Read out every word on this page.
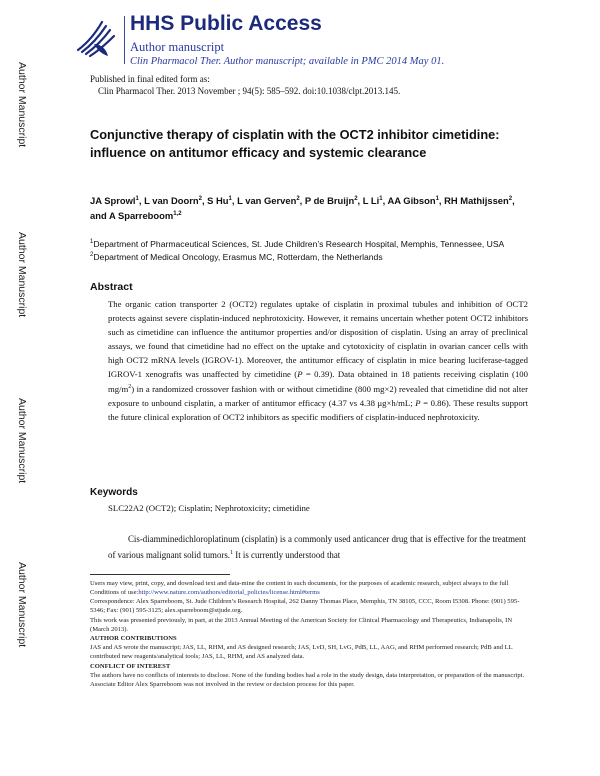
Author Manuscript
Author Manuscript
Author Manuscript
Author Manuscript
HHS Public Access
Author manuscript
Clin Pharmacol Ther. Author manuscript; available in PMC 2014 May 01.
Published in final edited form as:
Clin Pharmacol Ther. 2013 November ; 94(5): 585–592. doi:10.1038/clpt.2013.145.
Conjunctive therapy of cisplatin with the OCT2 inhibitor cimetidine: influence on antitumor efficacy and systemic clearance
JA Sprowl$^1$, L van Doorn$^2$, S Hu$^1$, L van Gerven$^2$, P de Bruijn$^2$, L Li$^1$, AA Gibson$^1$, RH Mathijssen$^2$, and A Sparreboom$^{1,2}$
$^1$Department of Pharmaceutical Sciences, St. Jude Children’s Research Hospital, Memphis, Tennessee, USA $^2$Department of Medical Oncology, Erasmus MC, Rotterdam, the Netherlands
Abstract
The organic cation transporter 2 (OCT2) regulates uptake of cisplatin in proximal tubules and inhibition of OCT2 protects against severe cisplatin-induced nephrotoxicity. However, it remains uncertain whether potent OCT2 inhibitors such as cimetidine can influence the antitumor properties and/or disposition of cisplatin. Using an array of preclinical assays, we found that cimetidine had no effect on the uptake and cytotoxicity of cisplatin in ovarian cancer cells with high OCT2 mRNA levels (IGROV-1). Moreover, the antitumor efficacy of cisplatin in mice bearing luciferase-tagged IGROV-1 xenografts was unaffected by cimetidine (P = 0.39). Data obtained in 18 patients receiving cisplatin (100 $mg/m^2$) in a randomized crossover fashion with or without cimetidine (800 mg×2) revealed that cimetidine did not alter exposure to unbound cisplatin, a marker of antitumor efficacy (4.37 vs 4.38 μg×h/mL; P = 0.86). These results support the future clinical exploration of OCT2 inhibitors as specific modifiers of cisplatin-induced nephrotoxicity.
Keywords
SLC22A2 (OCT2); Cisplatin; Nephrotoxicity; cimetidine
Cis-diamminedichloroplatinum (cisplatin) is a commonly used anticancer drug that is effective for the treatment of various malignant solid tumors.$^1$ It is currently understood that

Users may view, print, copy, and download text and data-mine the content in such documents, for the purposes of academic research, subject always to the full Conditions of use:http://www.nature.com/authors/editorial_policies/license.html#terms

Correspondence: Alex Sparreboom, St. Jude Children’s Research Hospital, 262 Danny Thomas Place, Memphis, TN 38105, CCC, Room I5308. Phone: (901) 595-5346; Fax: (901) 595-3125; alex.sparreboom@stjude.org.

This work was presented previously, in part, at the 2013 Annual Meeting of the American Society for Clinical Pharmacology and Therapeutics, Indianapolis, IN (March 2013).

AUTHOR CONTRIBUTIONS

JAS and AS wrote the manuscript; JAS, LL, RHM, and AS designed research; JAS, LvD, SH, LvG, PdB, LL, AAG, and RHM performed research; PdB and LL contributed new reagents/analytical tools; JAS, LL, RHM, and AS analyzed data.

CONFLICT OF INTEREST

The authors have no conflicts of interests to disclose. None of the funding bodies had a role in the study design, data interpretation, or preparation of the manuscript. Associate Editor Alex Sparreboom was not involved in the review or decision process for this paper.
